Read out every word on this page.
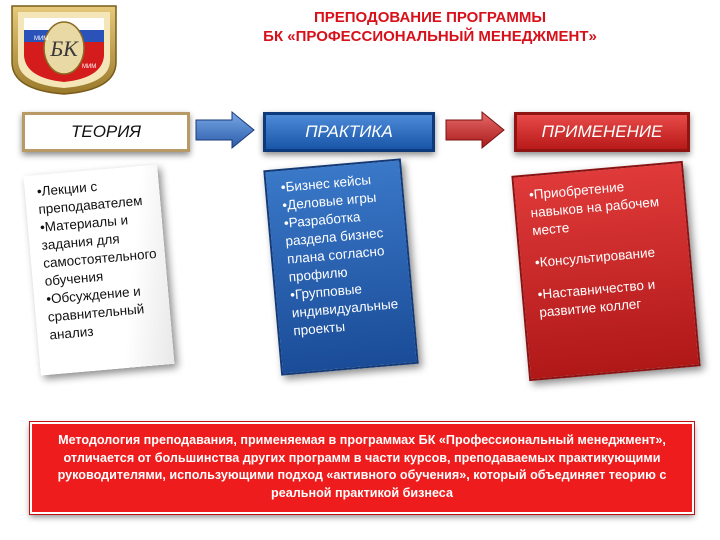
БК
МИМ
МИМ
ПРЕПОДОВАНИЕ ПРОГРАММЫ
БК «ПРОФЕССИОНАЛЬНЫЙ МЕНЕДЖМЕНТ»
ТЕОРИЯ	ПРАКТИКА	ПРИМЕНЕНИЕ
• Лекции с преподавателем
• Материалы и задания для самостоятельного обучения
• Обсуждение и сравнительный анализ
• Бизнес кейсы
• Деловые игры
• Разработка раздела бизнес плана согласно профилю
• Групповые индивидуальные проекты
• Приобретение навыков на рабочем месте
• Консультирование
• Наставничество и развитие коллег
Методология преподавания, применяемая в программах БК «Профессиональный менеджмент», отличается от большинства других программ в части курсов, преподаваемых практикующими руководителями, использующими подход «активного обучения», который объединяет теорию с реальной практикой бизнеса
